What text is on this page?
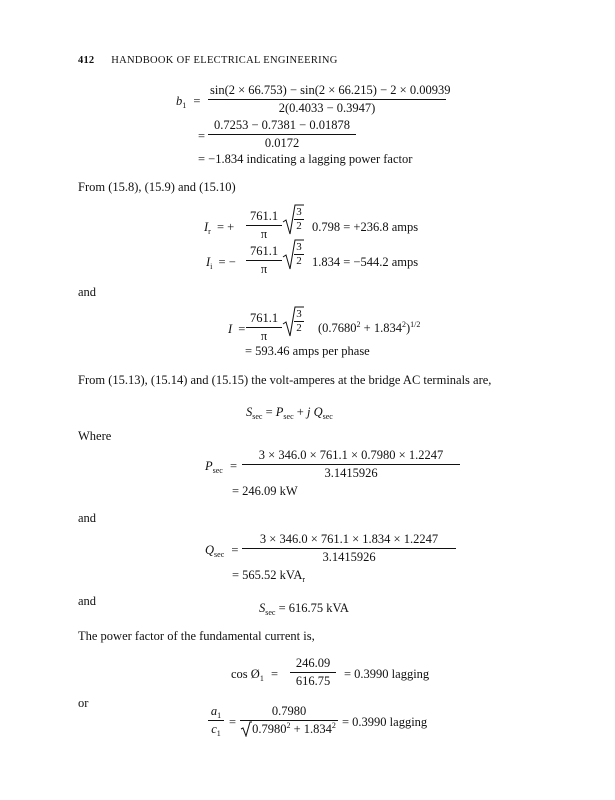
412 HANDBOOK OF ELECTRICAL ENGINEERING
$b_1 = \frac{\sin(2 \times 66.753) - \sin(2 \times 66.215) - 2 \times 0.00939}{2(0.4033 - 0.3947)}$
= $\frac{0.7253 - 0.7381 - 0.01878}{0.0172}$
= −1.834 indicating a lagging power factor
From (15.8), (15.9) and (15.10)
$I_r$ = + $\frac{761.1}{\pi} 3$
2 0.798 = +236.8 amps
$I_i$ = − $\frac{761.1}{\pi} 3$
2 1.834 = −544.2 amps
and
$I = \frac{761.1}{\pi} 3$
2 $(0.7680^2 + 1.834^2)^{1/2}$
= 593.46 amps per phase
From (15.13), (15.14) and (15.15) the volt-amperes at the bridge AC terminals are,
$S_{sec} = P_{sec} + j$ $Q_{sec}$
Where
$P_{sec} = \frac{3 \times 346.0 \times 761.1 \times 0.7980 \times 1.2247}{3.1415926}$
= 246.09 kW
and
$Q_{sec} = \frac{3 \times 346.0 \times 761.1 \times 1.834 \times 1.2247}{3.1415926}$
= 565.52 kVA$_r$
and	$S_{sec} = 616.75$ kVA
The power factor of the fundamental current is,
$\cos Ø_1 = \frac{246.09}{616.75} = 0.3990$ lagging
or
$\frac{a_1}{c_1} = \frac{0.7980}{0.7980^2 + 1.834^2} = 0.3990$ lagging
